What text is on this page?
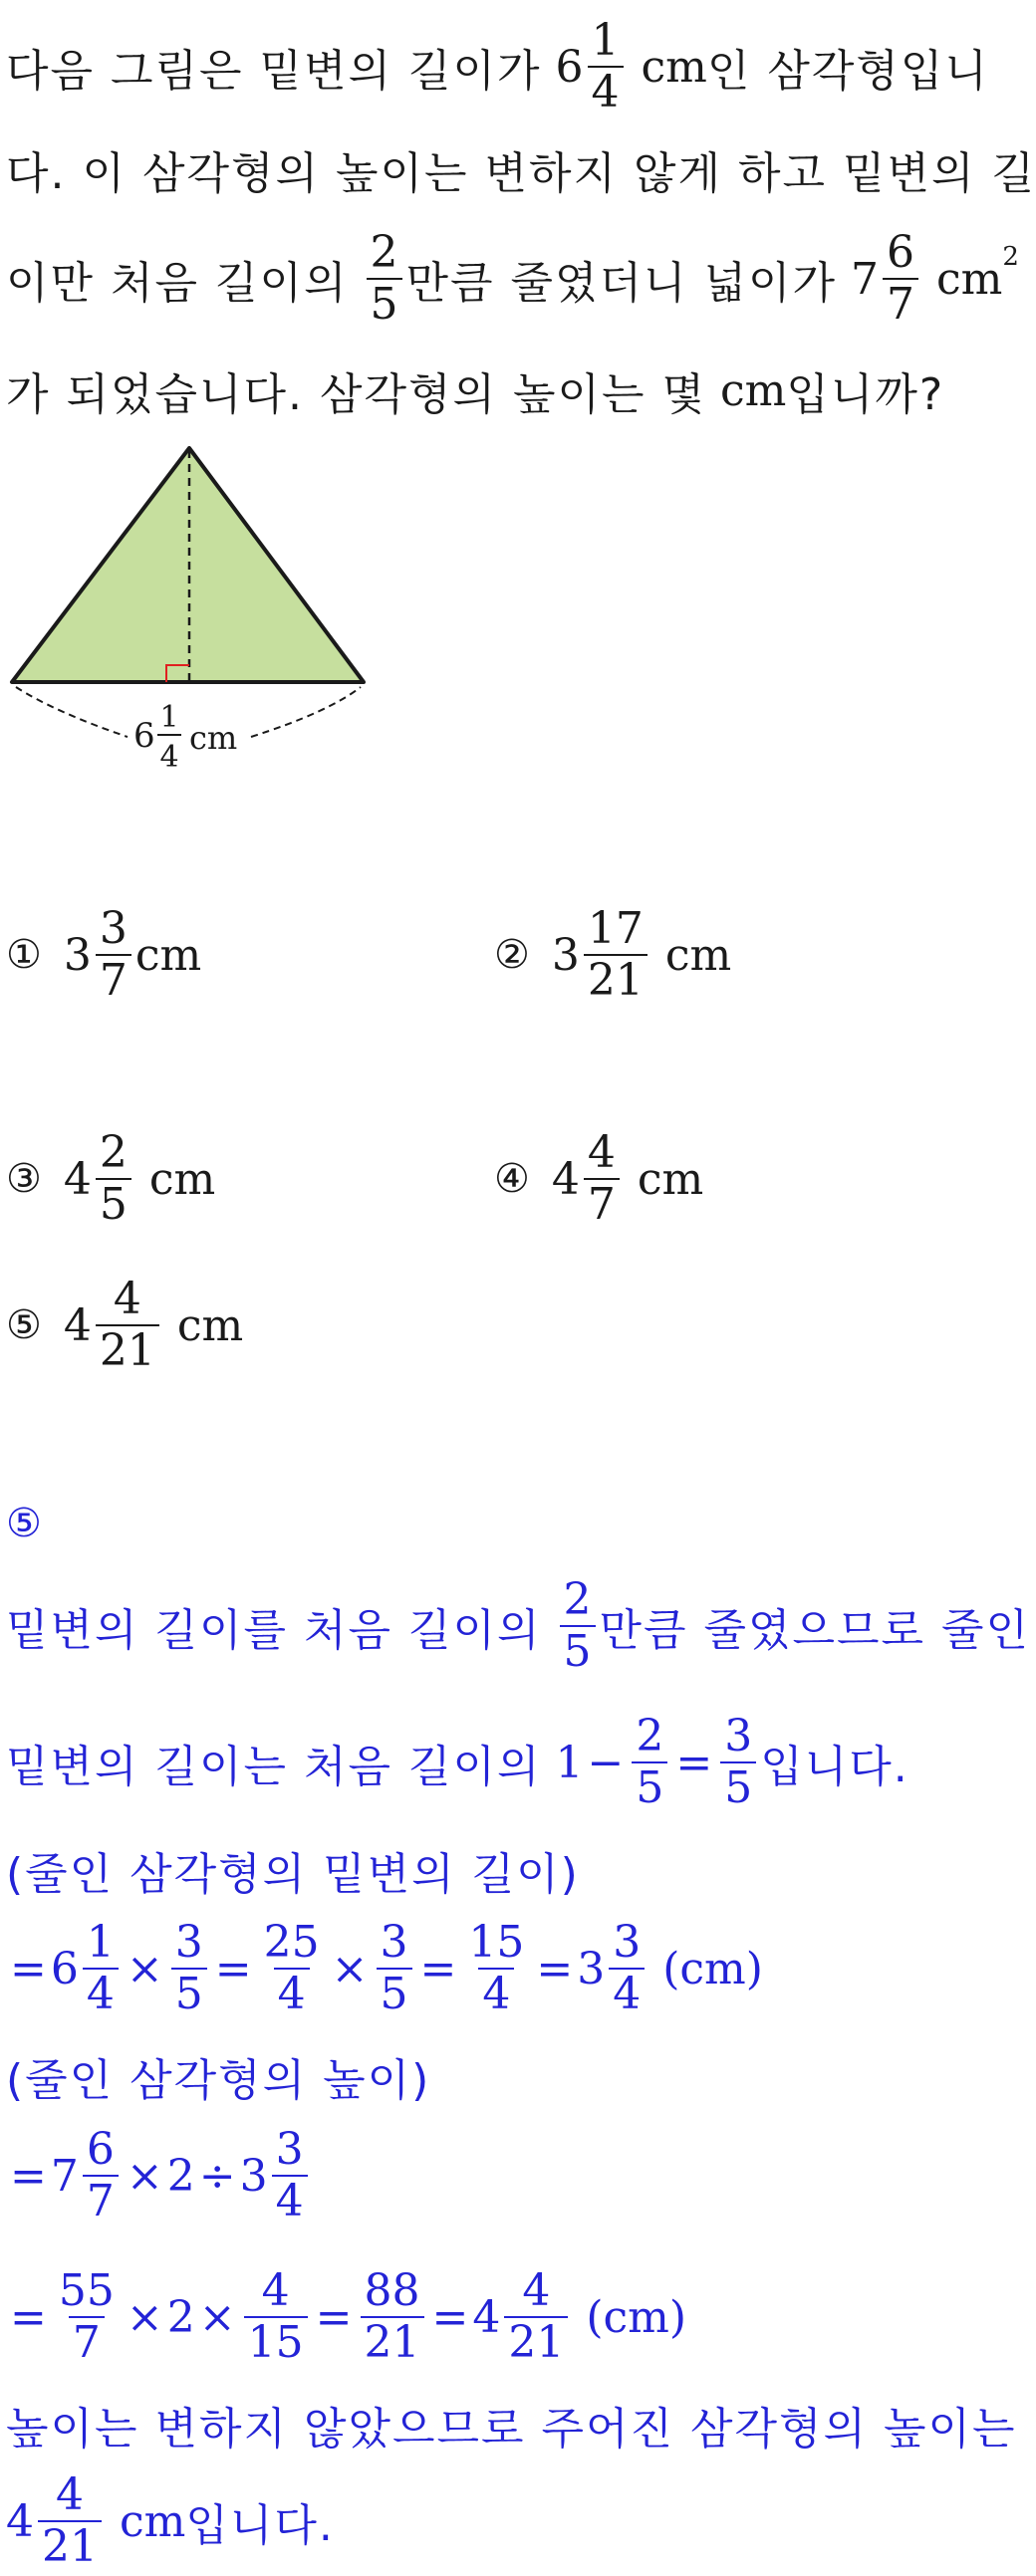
다음 그림은 밑변의 길이가 $6 \frac{1}{4}$ cm 인 삼각형입니
다. 이 삼각형의 높이는 변하지 않게 하고 밑변의 길
이만 처음 길이의 $\frac{2}{5}$ 만큼 줄였더니 넓이가 $7 \frac{6}{7}$ cm 2
가 되었습니다. 삼각형의 높이는 몇 cm 입니까?
6 1
4
cm
① $3 \frac{3}{7}$ cm	② $3 \frac{17}{21}$ cm
③ $4 \frac{2}{5}$ cm	④ $4 \frac{4}{7}$ cm
⑤ $4 \frac{4}{21}$ cm
⑤
밑변의 길이를 처음 길이의 $\frac{2}{5}$ 만큼 줄였으므로 줄인
밑변의 길이는 처음 길이의 $1 - \frac{2}{5} = \frac{3}{5}$ 입니다.
(줄인 삼각형의 밑변의 길이)
= $6 \frac{1}{4} \times \frac{3}{5} = \frac{25}{4} \times \frac{3}{5} = \frac{15}{4} = 3 \frac{3}{4} (cm)$
(줄인 삼각형의 높이)
= $7 \frac{6}{7} \times 2 \div 3 \frac{3}{4}$
= $\frac{55}{7} \times 2 \times \frac{4}{15} = \frac{88}{21} = 4 \frac{4}{21} (cm)$
높이는 변하지 않았으므로 주어진 삼각형의 높이는
$4 \frac{4}{21}$ cm 입니다.
